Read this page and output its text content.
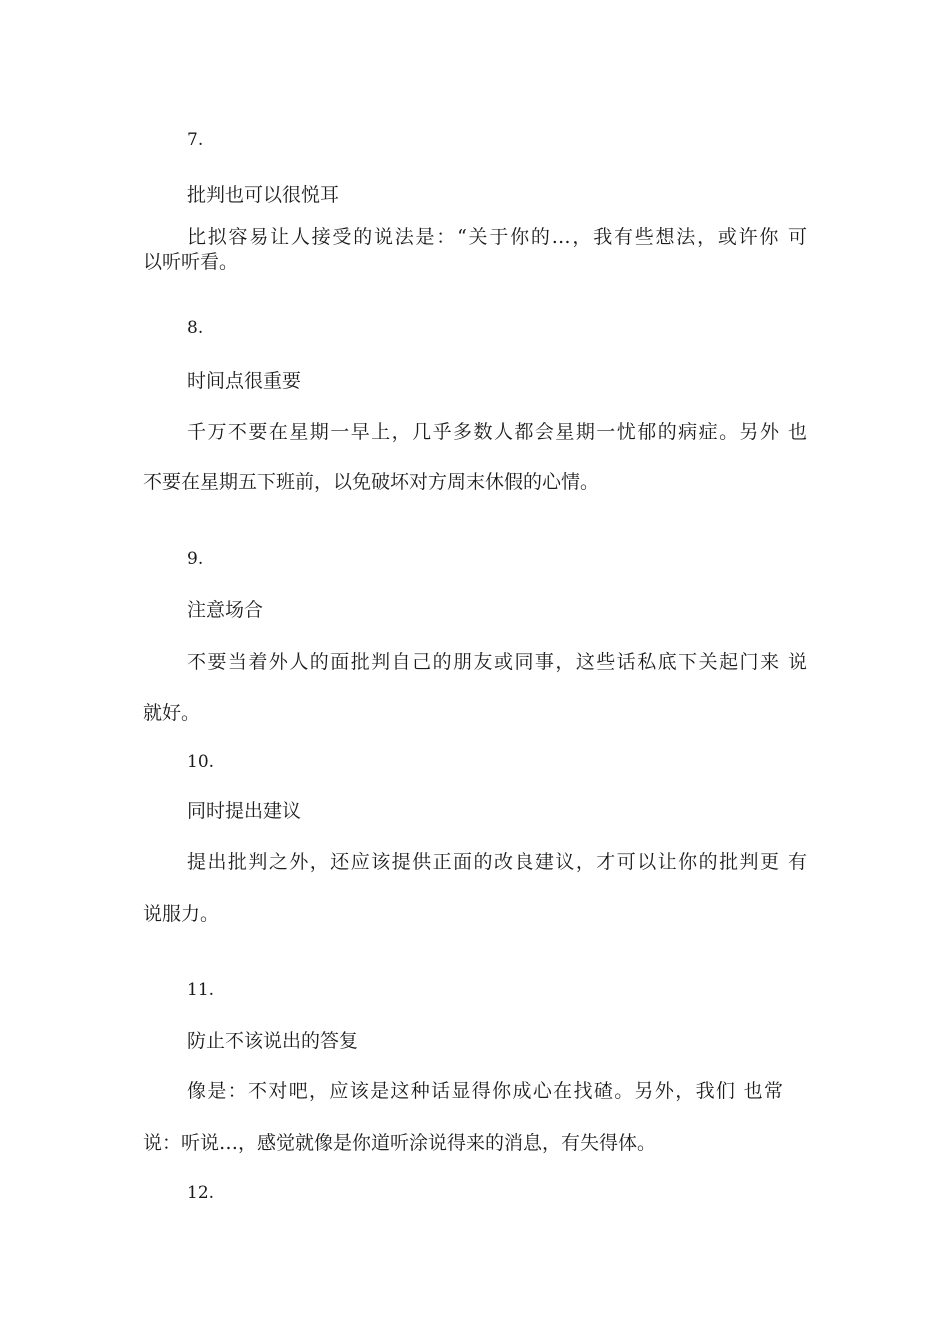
7.

批判也可以很悦耳

比拟容易让人接受的说法是：“关于你的…，我有些想法，或许你 可

以听听看。

8.

时间点很重要

千万不要在星期一早上，几乎多数人都会星期一忧郁的病症。另外 也

不要在星期五下班前，以免破坏对方周末休假的心情。

9.

注意场合

不要当着外人的面批判自己的朋友或同事，这些话私底下关起门来 说

就好。

10.

同时提出建议

提出批判之外，还应该提供正面的改良建议，才可以让你的批判更 有

说服力。

11.

防止不该说出的答复

像是：不对吧，应该是这种话显得你成心在找碴。另外，我们 也常

说：听说…，感觉就像是你道听涂说得来的消息，有失得体。

12.
